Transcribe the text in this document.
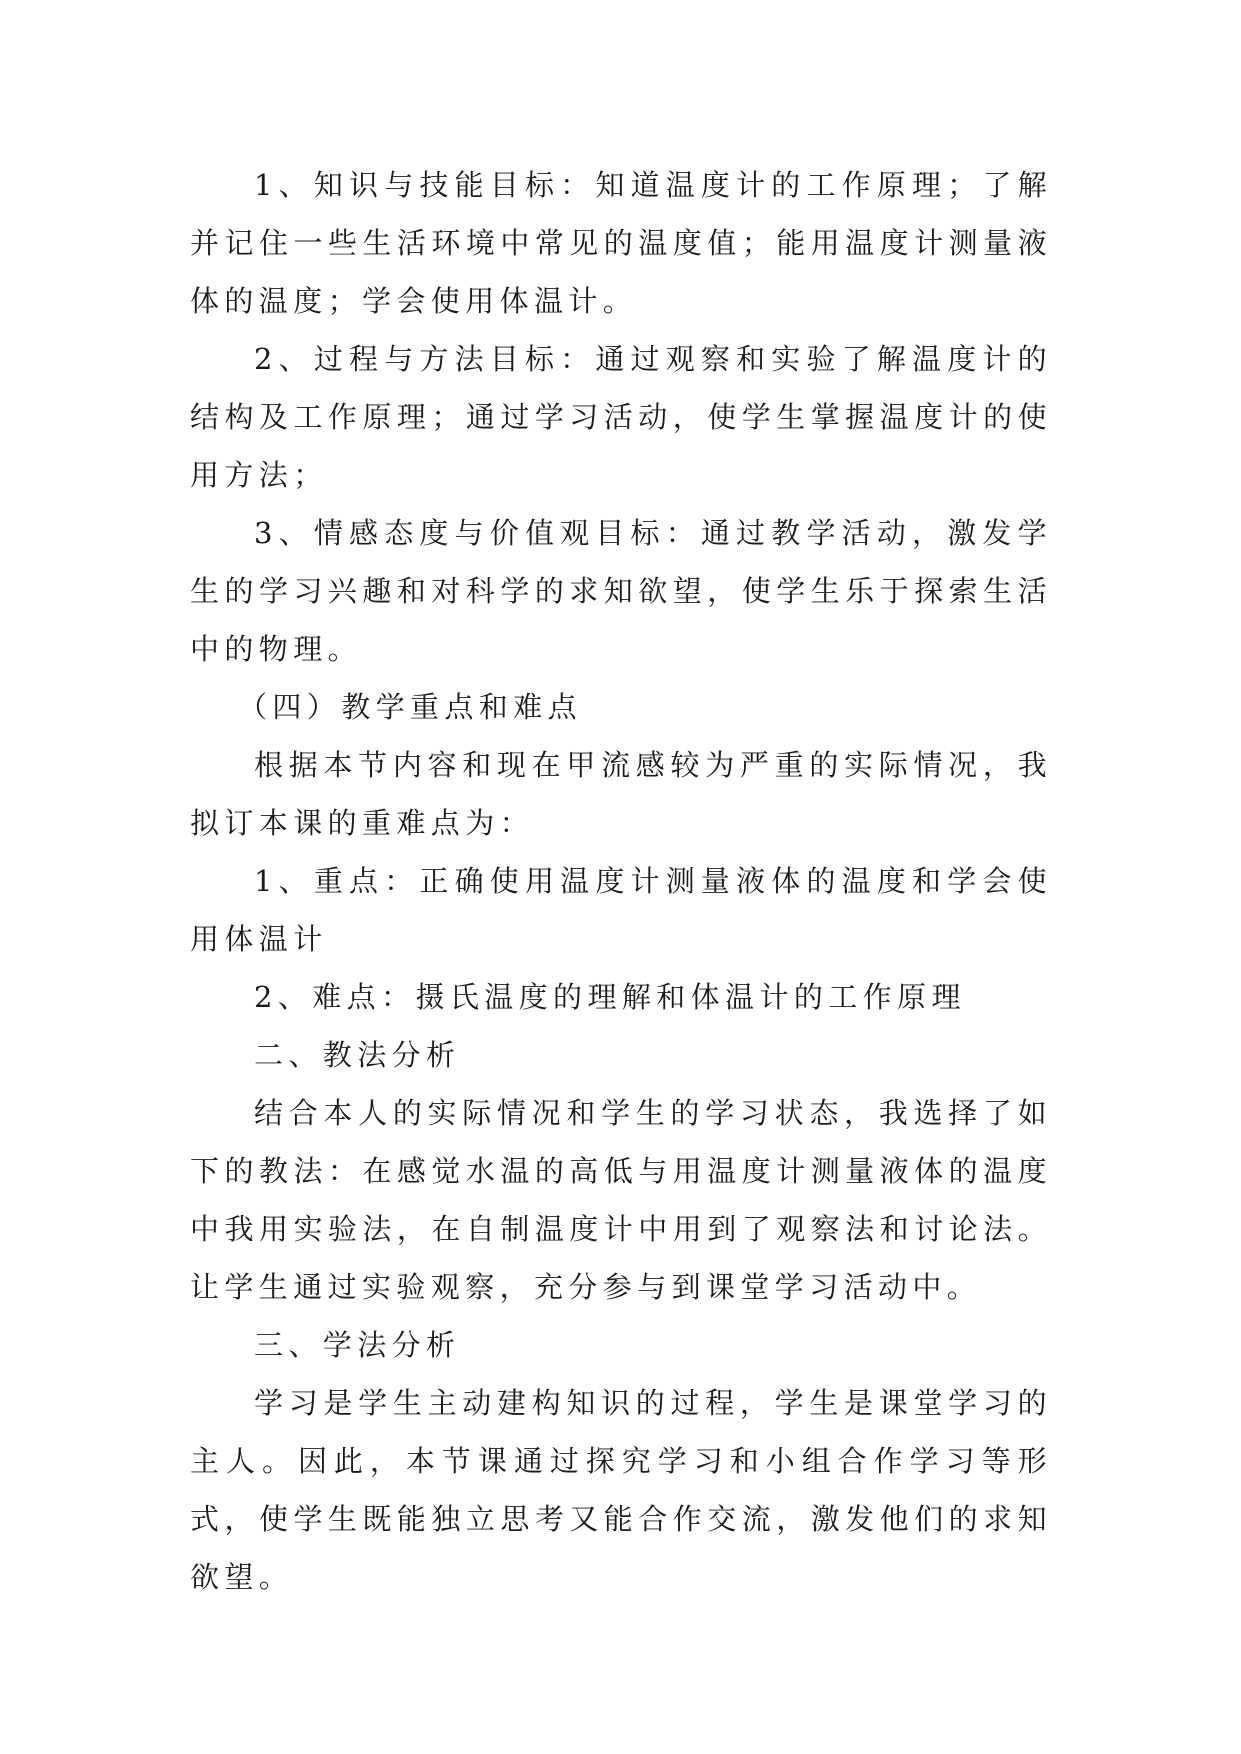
1、知识与技能目标：知道温度计的工作原理；了解并记住一些生活环境中常见的温度值；能用温度计测量液体的温度；学会使用体温计。

2、过程与方法目标：通过观察和实验了解温度计的结构及工作原理；通过学习活动，使学生掌握温度计的使用方法；

3、情感态度与价值观目标：通过教学活动，激发学生的学习兴趣和对科学的求知欲望，使学生乐于探索生活中的物理。

（四）教学重点和难点

根据本节内容和现在甲流感较为严重的实际情况，我拟订本课的重难点为：

1、重点：正确使用温度计测量液体的温度和学会使用体温计

2、难点：摄氏温度的理解和体温计的工作原理

二、教法分析

结合本人的实际情况和学生的学习状态，我选择了如下的教法：在感觉水温的高低与用温度计测量液体的温度中我用实验法，在自制温度计中用到了观察法和讨论法。让学生通过实验观察，充分参与到课堂学习活动中。

三、学法分析

学习是学生主动建构知识的过程，学生是课堂学习的主人。因此，本节课通过探究学习和小组合作学习等形式，使学生既能独立思考又能合作交流，激发他们的求知欲望。
